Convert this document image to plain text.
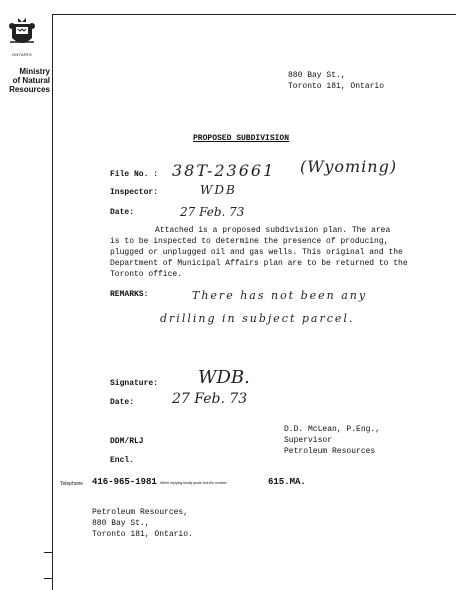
ONTARIO
Ministry
of Natural
Resources
880 Bay St.,
Toronto 181, Ontario
PROPOSED SUBDIVISION
File No. : 38T-23661 (Wyoming)
Inspector:	WDB
Date:	27 Feb. 73
Attached is a proposed subdivision plan. The area
is to be inspected to determine the presence of producing,
plugged or unplugged oil and gas wells. This original and the
Department of Municipal Affairs plan are to be returned to the
Toronto office.
REMARKS:	There has not been any
drilling in subject parcel.
Signature: WDB.
Date:	27 Feb. 73
D.D. McLean, P.Eng.,
Supervisor
Petroleum Resources
DDM/RLJ
Encl.
Telephone 416-965-1981 When replying kindly quote this file number	615.MA.
Petroleum Resources,
880 Bay St.,
Toronto 181, Ontario.
